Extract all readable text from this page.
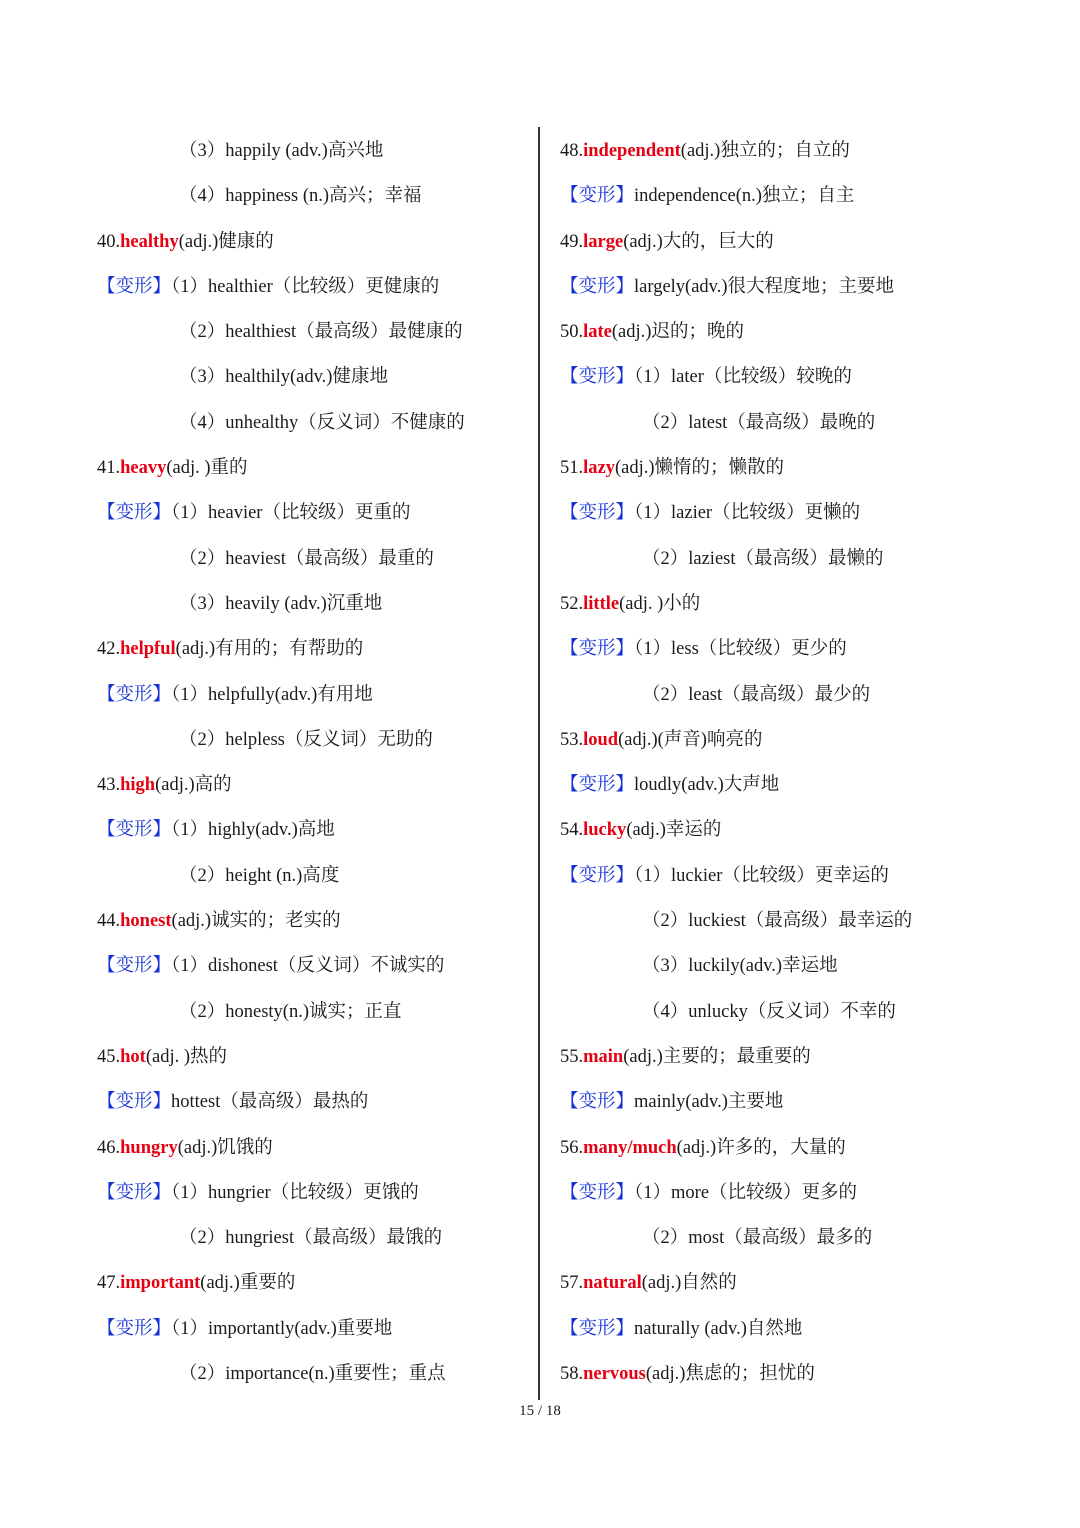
（3）happily (adv.)高兴地
（4）happiness (n.)高兴；幸福
40.healthy(adj.)健康的
【变形】（1）healthier（比较级）更健康的
（2）healthiest（最高级）最健康的
（3）healthily(adv.)健康地
（4）unhealthy（反义词）不健康的
41.heavy(adj. )重的
【变形】（1）heavier（比较级）更重的
（2）heaviest（最高级）最重的
（3）heavily (adv.)沉重地
42.helpful(adj.)有用的；有帮助的
【变形】（1）helpfully(adv.)有用地
（2）helpless（反义词）无助的
43.high(adj.)高的
【变形】（1）highly(adv.)高地
（2）height (n.)高度
44.honest(adj.)诚实的；老实的
【变形】（1）dishonest（反义词）不诚实的
（2）honesty(n.)诚实；正直
45.hot(adj. )热的
【变形】hottest（最高级）最热的
46.hungry(adj.)饥饿的
【变形】（1）hungrier（比较级）更饿的
（2）hungriest（最高级）最饿的
47.important(adj.)重要的
【变形】（1）importantly(adv.)重要地
（2）importance(n.)重要性；重点
48.independent(adj.)独立的；自立的
【变形】independence(n.)独立；自主
49.large(adj.)大的，巨大的
【变形】largely(adv.)很大程度地；主要地
50.late(adj.)迟的；晚的
【变形】（1）later（比较级）较晚的
（2）latest（最高级）最晚的
51.lazy(adj.)懒惰的；懒散的
【变形】（1）lazier（比较级）更懒的
（2）laziest（最高级）最懒的
52.little(adj. )小的
【变形】（1）less（比较级）更少的
（2）least（最高级）最少的
53.loud(adj.)(声音)响亮的
【变形】loudly(adv.)大声地
54.lucky(adj.)幸运的
【变形】（1）luckier（比较级）更幸运的
（2）luckiest（最高级）最幸运的
（3）luckily(adv.)幸运地
（4）unlucky（反义词）不幸的
55.main(adj.)主要的；最重要的
【变形】mainly(adv.)主要地
56.many/much(adj.)许多的，大量的
【变形】（1）more（比较级）更多的
（2）most（最高级）最多的
57.natural(adj.)自然的
【变形】naturally (adv.)自然地
58.nervous(adj.)焦虑的；担忧的
15 / 18
